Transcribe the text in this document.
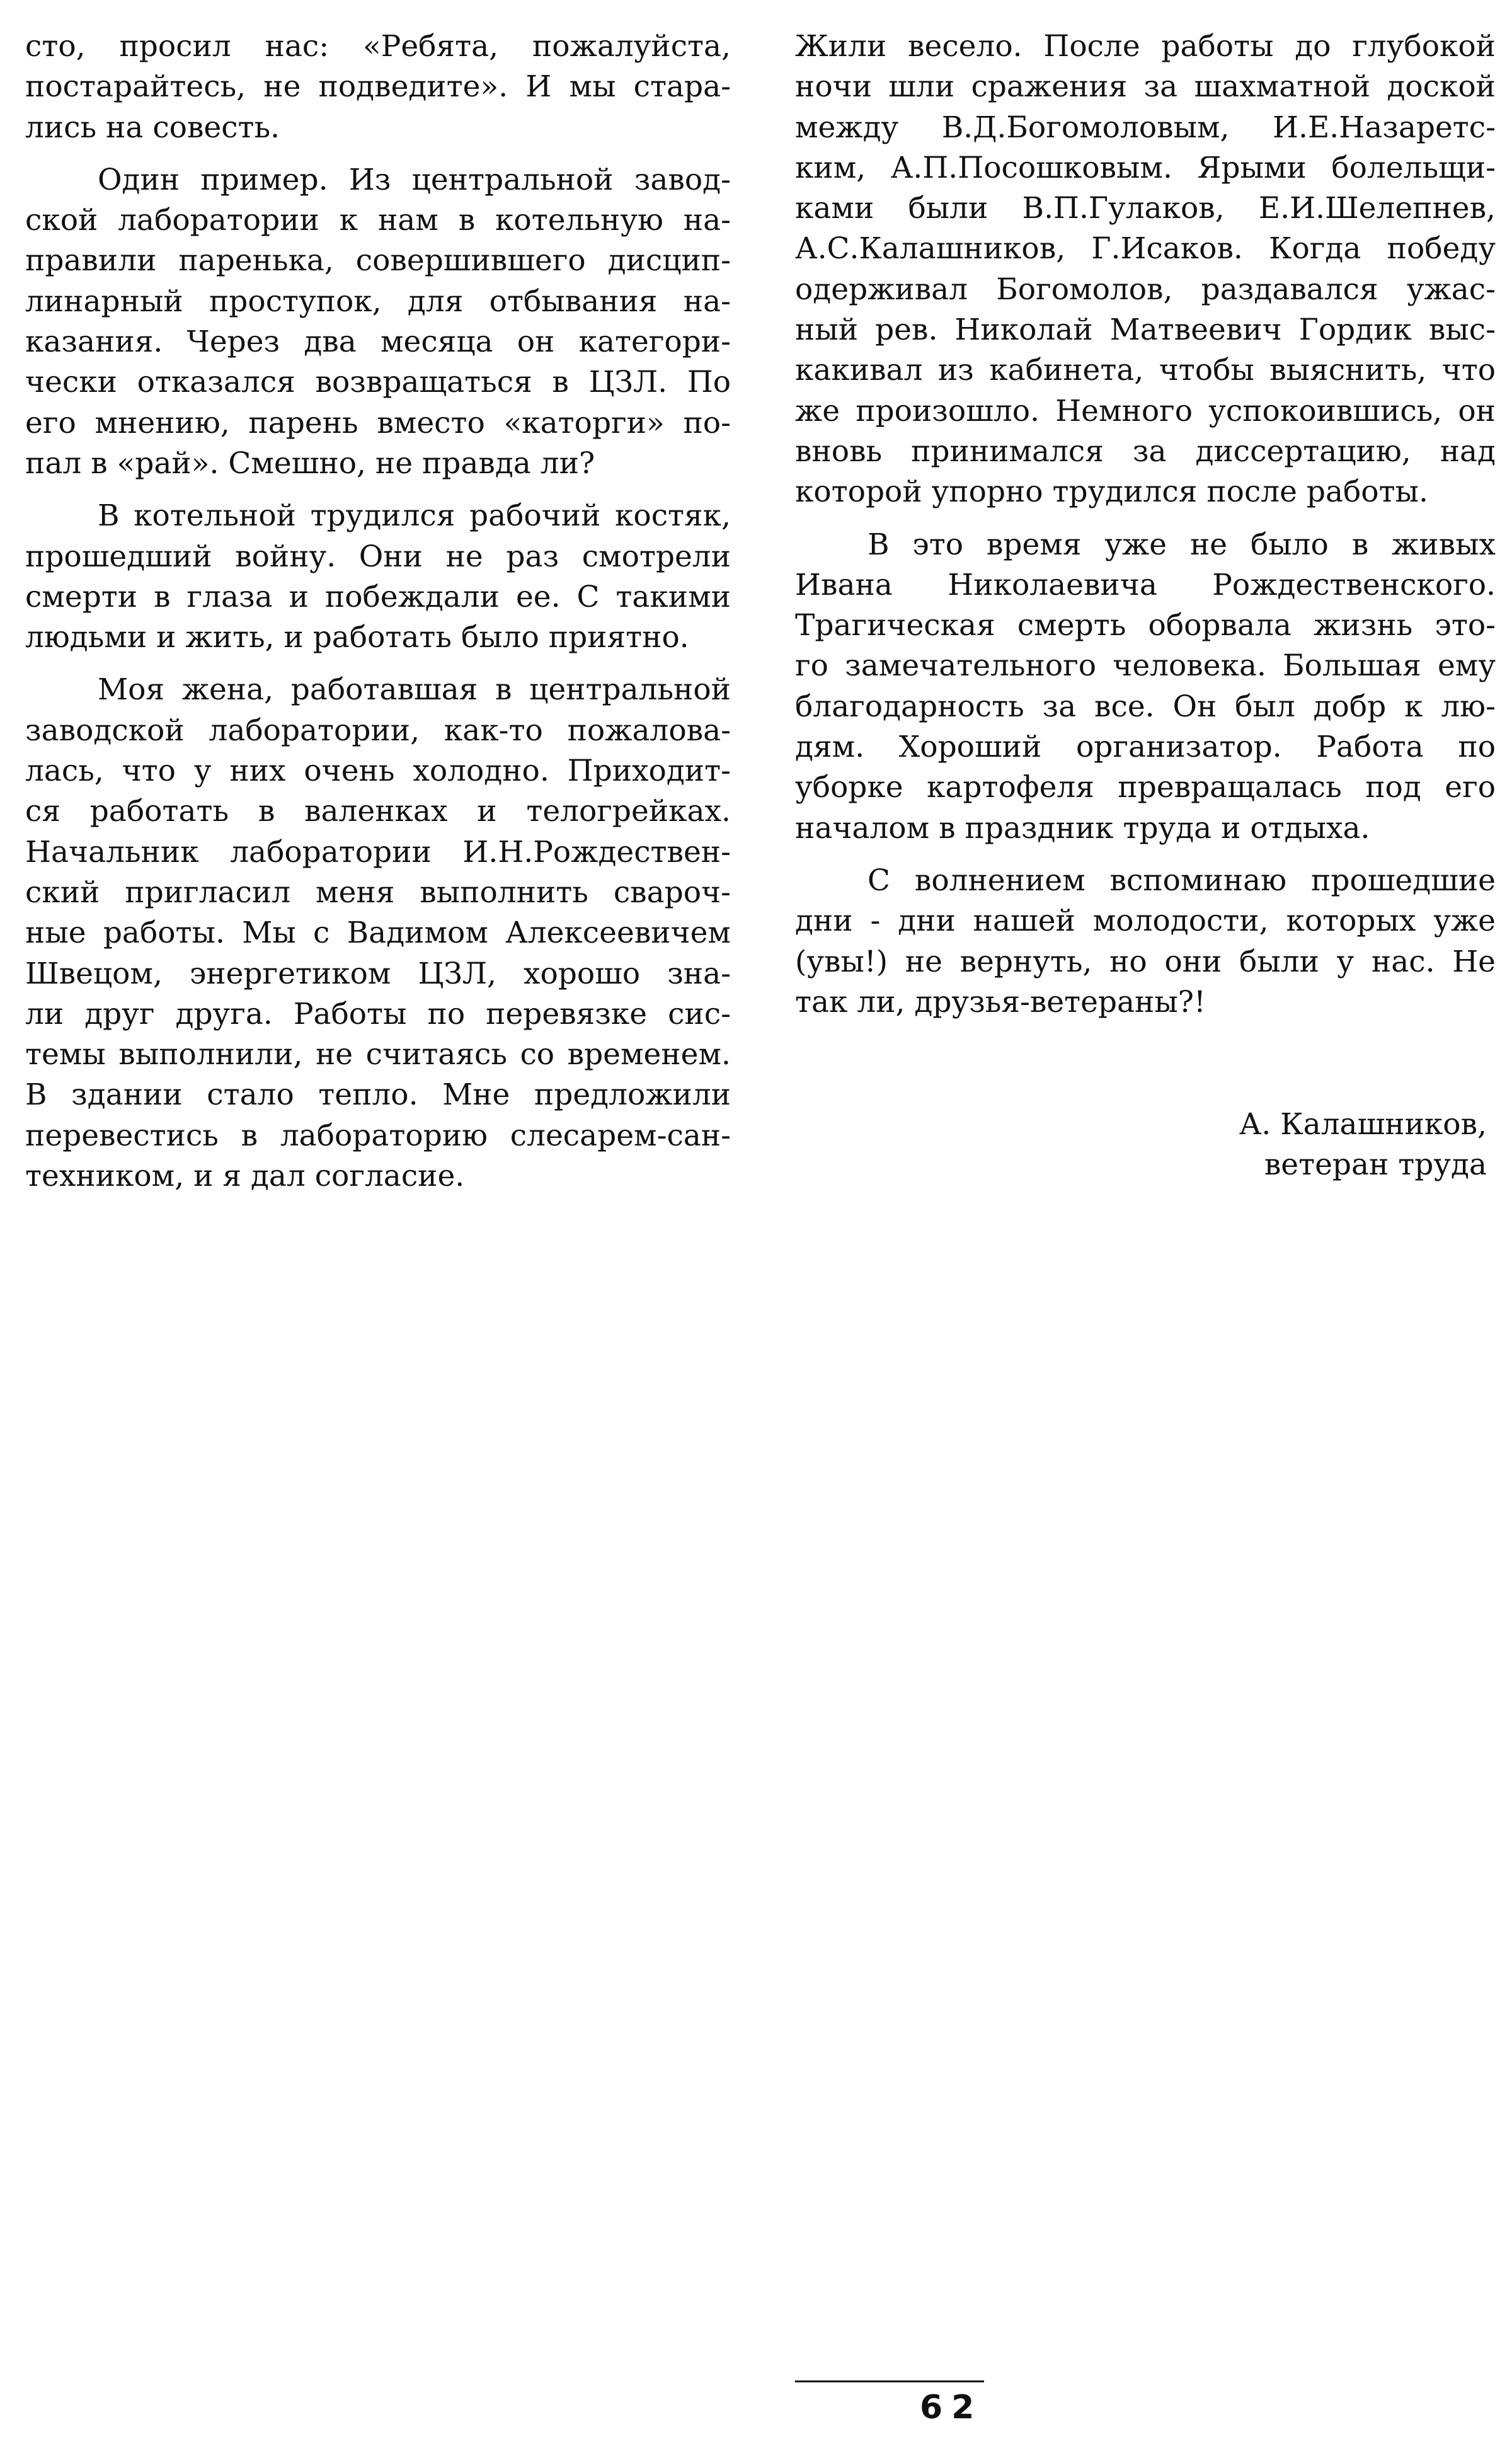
сто, просил нас: «Ребята, пожалуйста,
постарайтесь, не подведите». И мы стара-
лись на совесть.
Один пример. Из центральной завод-
ской лаборатории к нам в котельную на-
правили паренька, совершившего дисцип-
линарный проступок, для отбывания на-
казания. Через два месяца он категори-
чески отказался возвращаться в ЦЗЛ. По
его мнению, парень вместо «каторги» по-
пал в «рай». Смешно, не правда ли?
В котельной трудился рабочий костяк,
прошедший войну. Они не раз смотрели
смерти в глаза и побеждали ее. С такими
людьми и жить, и работать было приятно.
Моя жена, работавшая в центральной
заводской лаборатории, как-то пожалова-
лась, что у них очень холодно. Приходит-
ся работать в валенках и телогрейках.
Начальник лаборатории И.Н.Рождествен-
ский пригласил меня выполнить свароч-
ные работы. Мы с Вадимом Алексеевичем
Швецом, энергетиком ЦЗЛ, хорошо зна-
ли друг друга. Работы по перевязке сис-
темы выполнили, не считаясь со временем.
В здании стало тепло. Мне предложили
перевестись в лабораторию слесарем-сан-
техником, и я дал согласие.
Жили весело. После работы до глубокой
ночи шли сражения за шахматной доской
между В.Д.Богомоловым, И.Е.Назаретс-
ким, А.П.Посошковым. Ярыми болельщи-
ками были В.П.Гулаков, Е.И.Шелепнев,
А.С.Калашников, Г.Исаков. Когда победу
одерживал Богомолов, раздавался ужас-
ный рев. Николай Матвеевич Гордик выс-
какивал из кабинета, чтобы выяснить, что
же произошло. Немного успокоившись, он
вновь принимался за диссертацию, над
которой упорно трудился после работы.
В это время уже не было в живых
Ивана Николаевича Рождественского.
Трагическая смерть оборвала жизнь это-
го замечательного человека. Большая ему
благодарность за все. Он был добр к лю-
дям. Хороший организатор. Работа по
уборке картофеля превращалась под его
началом в праздник труда и отдыха.
С волнением вспоминаю прошедшие
дни - дни нашей молодости, которых уже
(увы!) не вернуть, но они были у нас. Не
так ли, друзья-ветераны?!
А. Калашников,
ветеран труда
62
